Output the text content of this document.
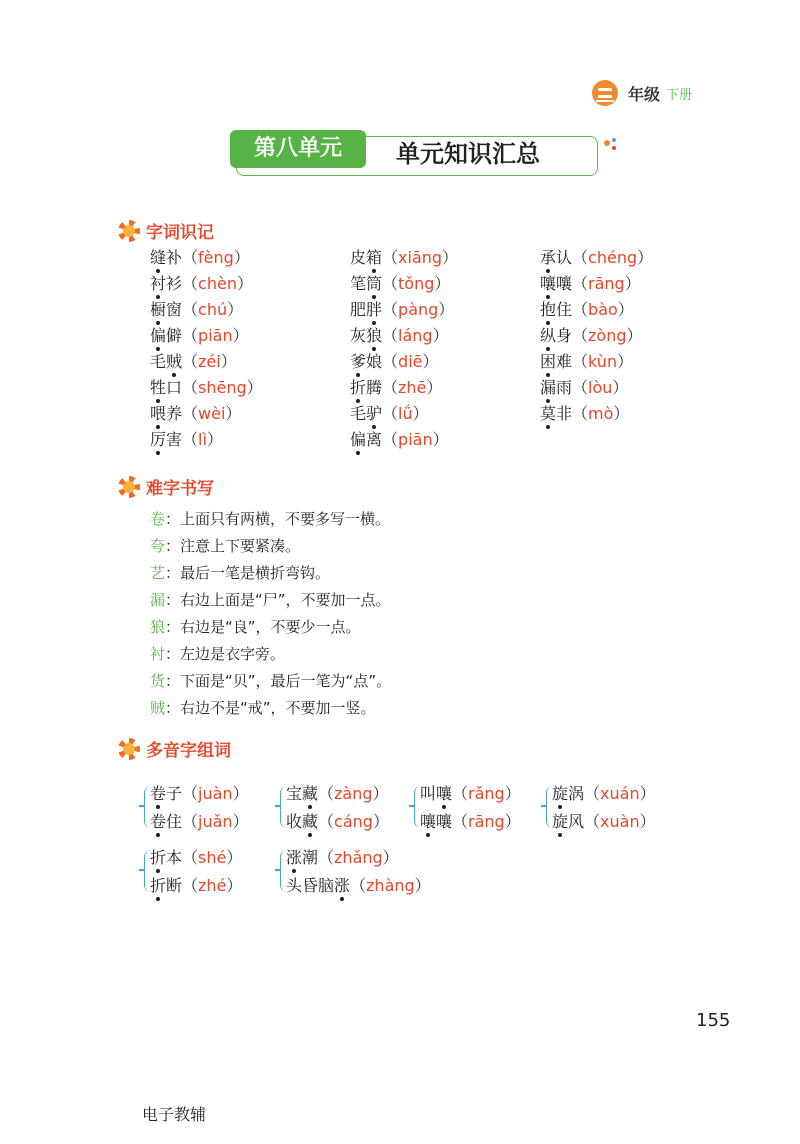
年级 下册
第八单元	单元知识汇总
字词识记
缝补
（fèng）
衬衫
（chèn）
橱窗
（chú）
偏僻
（piān）
毛贼
（zéi）
牲口
（shēng）
喂养
（wèi）
厉害
（lì）
皮箱
（xiāng）
笔筒
（tǒng）
肥胖
（pàng）
灰狼
（láng）
爹娘
（diē）
折腾
（zhē）
毛驴
（lǘ）
偏离
（piān）
承认
（chéng）
嚷嚷
（rāng）
抱住
（bào）
纵身
（zòng）
困难
（kùn）
漏雨
（lòu）
莫非
（mò）
难字书写
卷：上面只有两横，不要多写一横。
夸：注意上下要紧凑。
艺：最后一笔是横折弯钩。
漏：右边上面是“尸”，不要加一点。
狼：右边是“良”，不要少一点。
衬：左边是衣字旁。
货：下面是“贝”，最后一笔为“点”。
贼：右边不是“戒”，不要加一竖。
多音字组词
卷子
（juàn）
卷住
（juǎn）
宝藏
（zàng）
收藏
（cáng）
叫嚷
（rǎng）
嚷嚷
（rāng）
旋涡
（xuán）
旋风
（xuàn）
折本
（shé）
折断
（zhé）
涨潮
（zhǎng）
头昏脑涨
（zhàng）
155
电子教辅
